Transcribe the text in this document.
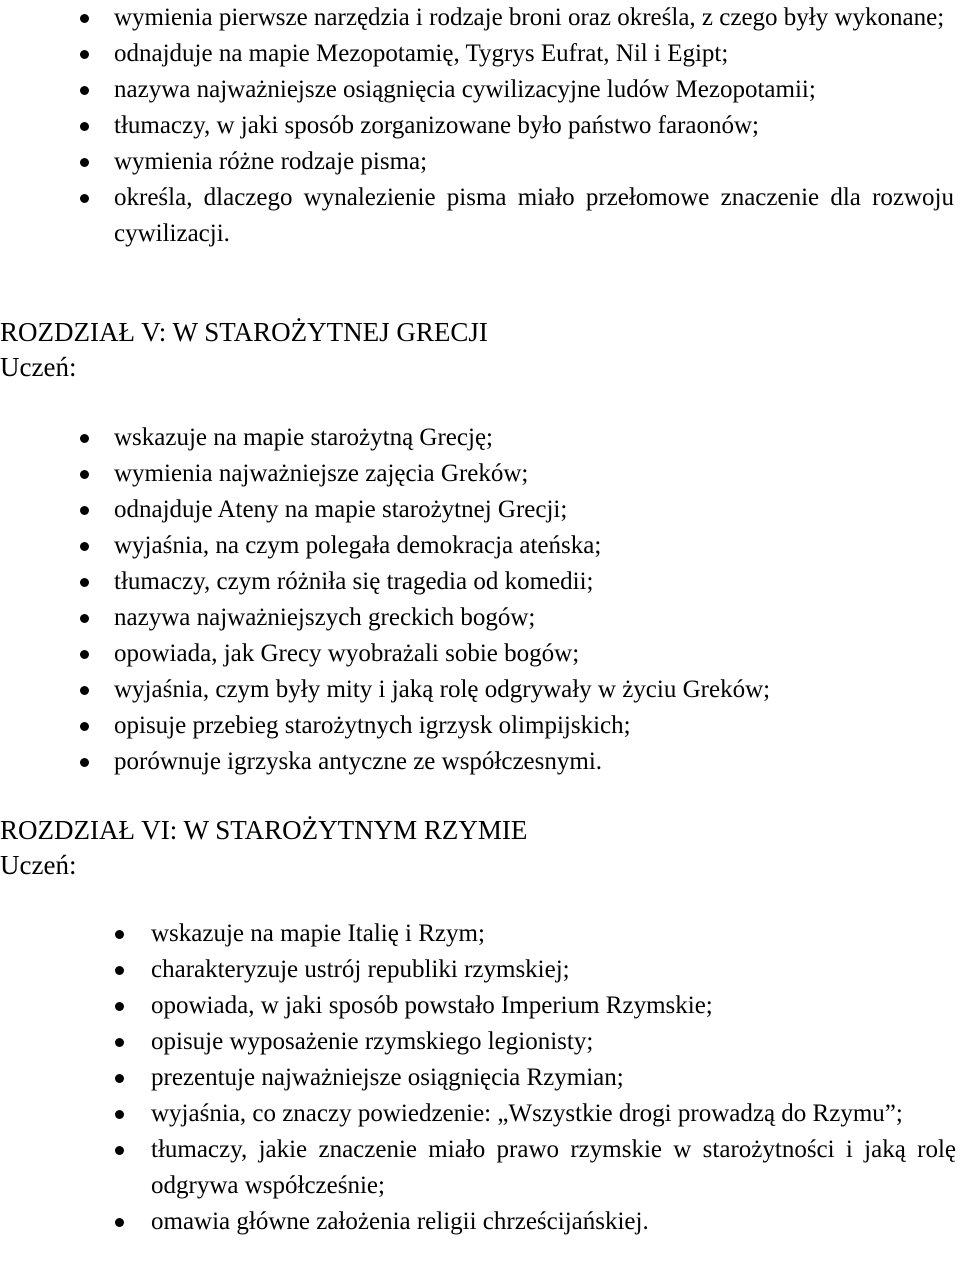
wymienia pierwsze narzędzia i rodzaje broni oraz określa, z czego były wykonane;
odnajduje na mapie Mezopotamię, Tygrys Eufrat, Nil i Egipt;
nazywa najważniejsze osiągnięcia cywilizacyjne ludów Mezopotamii;
tłumaczy, w jaki sposób zorganizowane było państwo faraonów;
wymienia różne rodzaje pisma;
określa, dlaczego wynalezienie pisma miało przełomowe znaczenie dla rozwoju cywilizacji.
ROZDZIAŁ V: W STAROŻYTNEJ GRECJI

Uczeń:

wskazuje na mapie starożytną Grecję;
wymienia najważniejsze zajęcia Greków;
odnajduje Ateny na mapie starożytnej Grecji;
wyjaśnia, na czym polegała demokracja ateńska;
tłumaczy, czym różniła się tragedia od komedii;
nazywa najważniejszych greckich bogów;
opowiada, jak Grecy wyobrażali sobie bogów;
wyjaśnia, czym były mity i jaką rolę odgrywały w życiu Greków;
opisuje przebieg starożytnych igrzysk olimpijskich;
porównuje igrzyska antyczne ze współczesnymi.
ROZDZIAŁ VI: W STAROŻYTNYM RZYMIE

Uczeń:

wskazuje na mapie Italię i Rzym;
charakteryzuje ustrój republiki rzymskiej;
opowiada, w jaki sposób powstało Imperium Rzymskie;
opisuje wyposażenie rzymskiego legionisty;
prezentuje najważniejsze osiągnięcia Rzymian;
wyjaśnia, co znaczy powiedzenie: „Wszystkie drogi prowadzą do Rzymu”;
tłumaczy, jakie znaczenie miało prawo rzymskie w starożytności i jaką rolę odgrywa współcześnie;
omawia główne założenia religii chrześcijańskiej.
